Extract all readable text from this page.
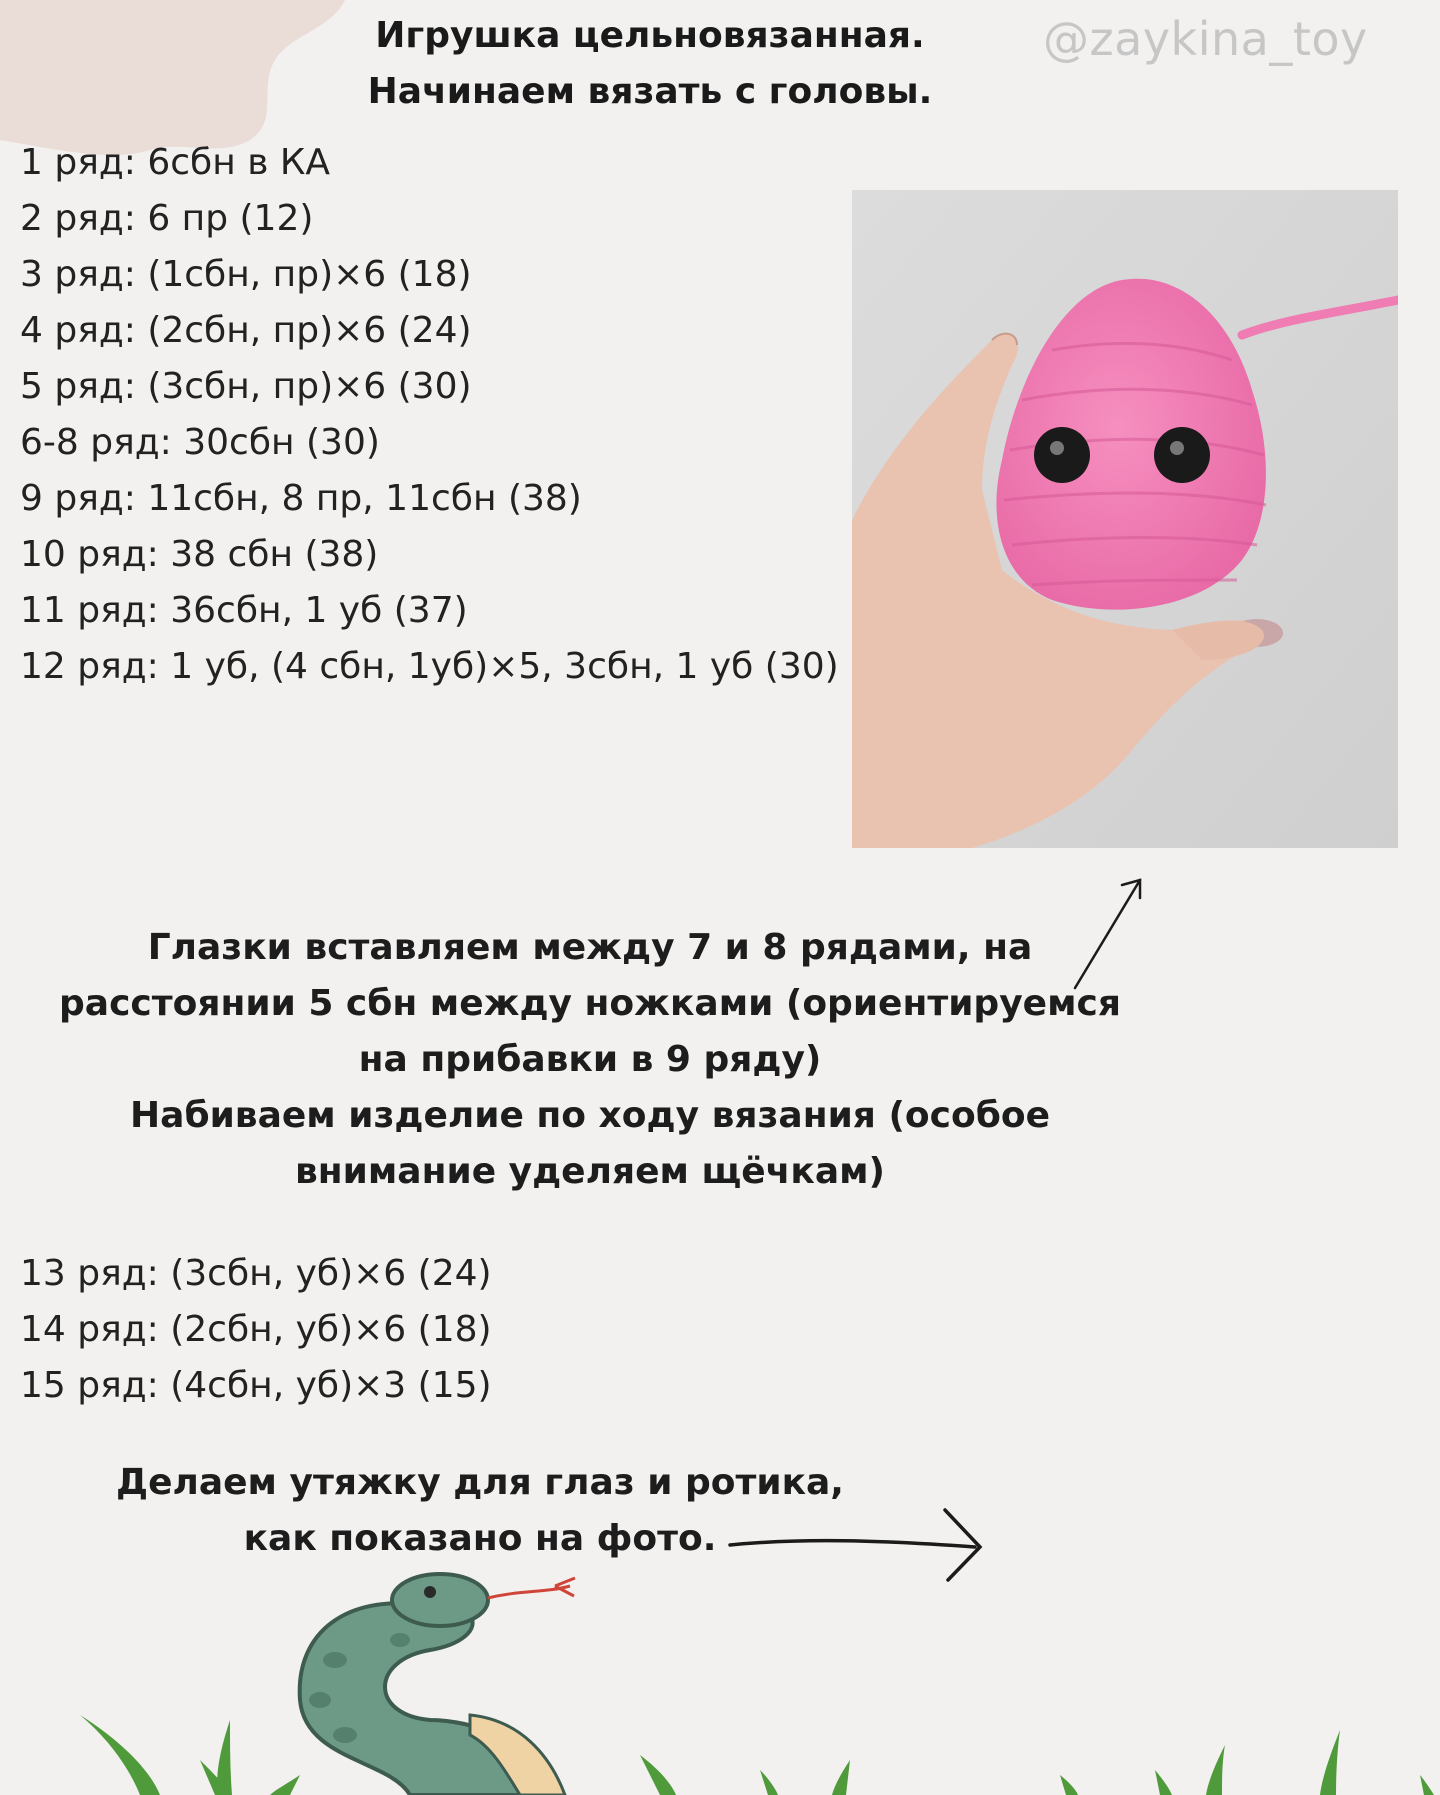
Игрушка цельновязанная.
Начинаем вязать с головы.
@zaykina_toy
1 ряд: 6сбн в КА
2 ряд: 6 пр (12)
3 ряд: (1сбн, пр)×6 (18)
4 ряд: (2сбн, пр)×6 (24)
5 ряд: (3сбн, пр)×6 (30)
6-8 ряд: 30сбн (30)
9 ряд: 11сбн, 8 пр, 11сбн (38)
10 ряд: 38 сбн (38)
11 ряд: 36сбн, 1 уб (37)
12 ряд: 1 уб, (4 сбн, 1уб)×5, 3сбн, 1 уб (30)
Глазки вставляем между 7 и 8 рядами, на
расстоянии 5 сбн между ножками (ориентируемся
на прибавки в 9 ряду)
Набиваем изделие по ходу вязания (особое
внимание уделяем щёчкам)
13 ряд: (3сбн, уб)×6 (24)
14 ряд: (2сбн, уб)×6 (18)
15 ряд: (4сбн, уб)×3 (15)
Делаем утяжку для глаз и ротика,
как показано на фото.
